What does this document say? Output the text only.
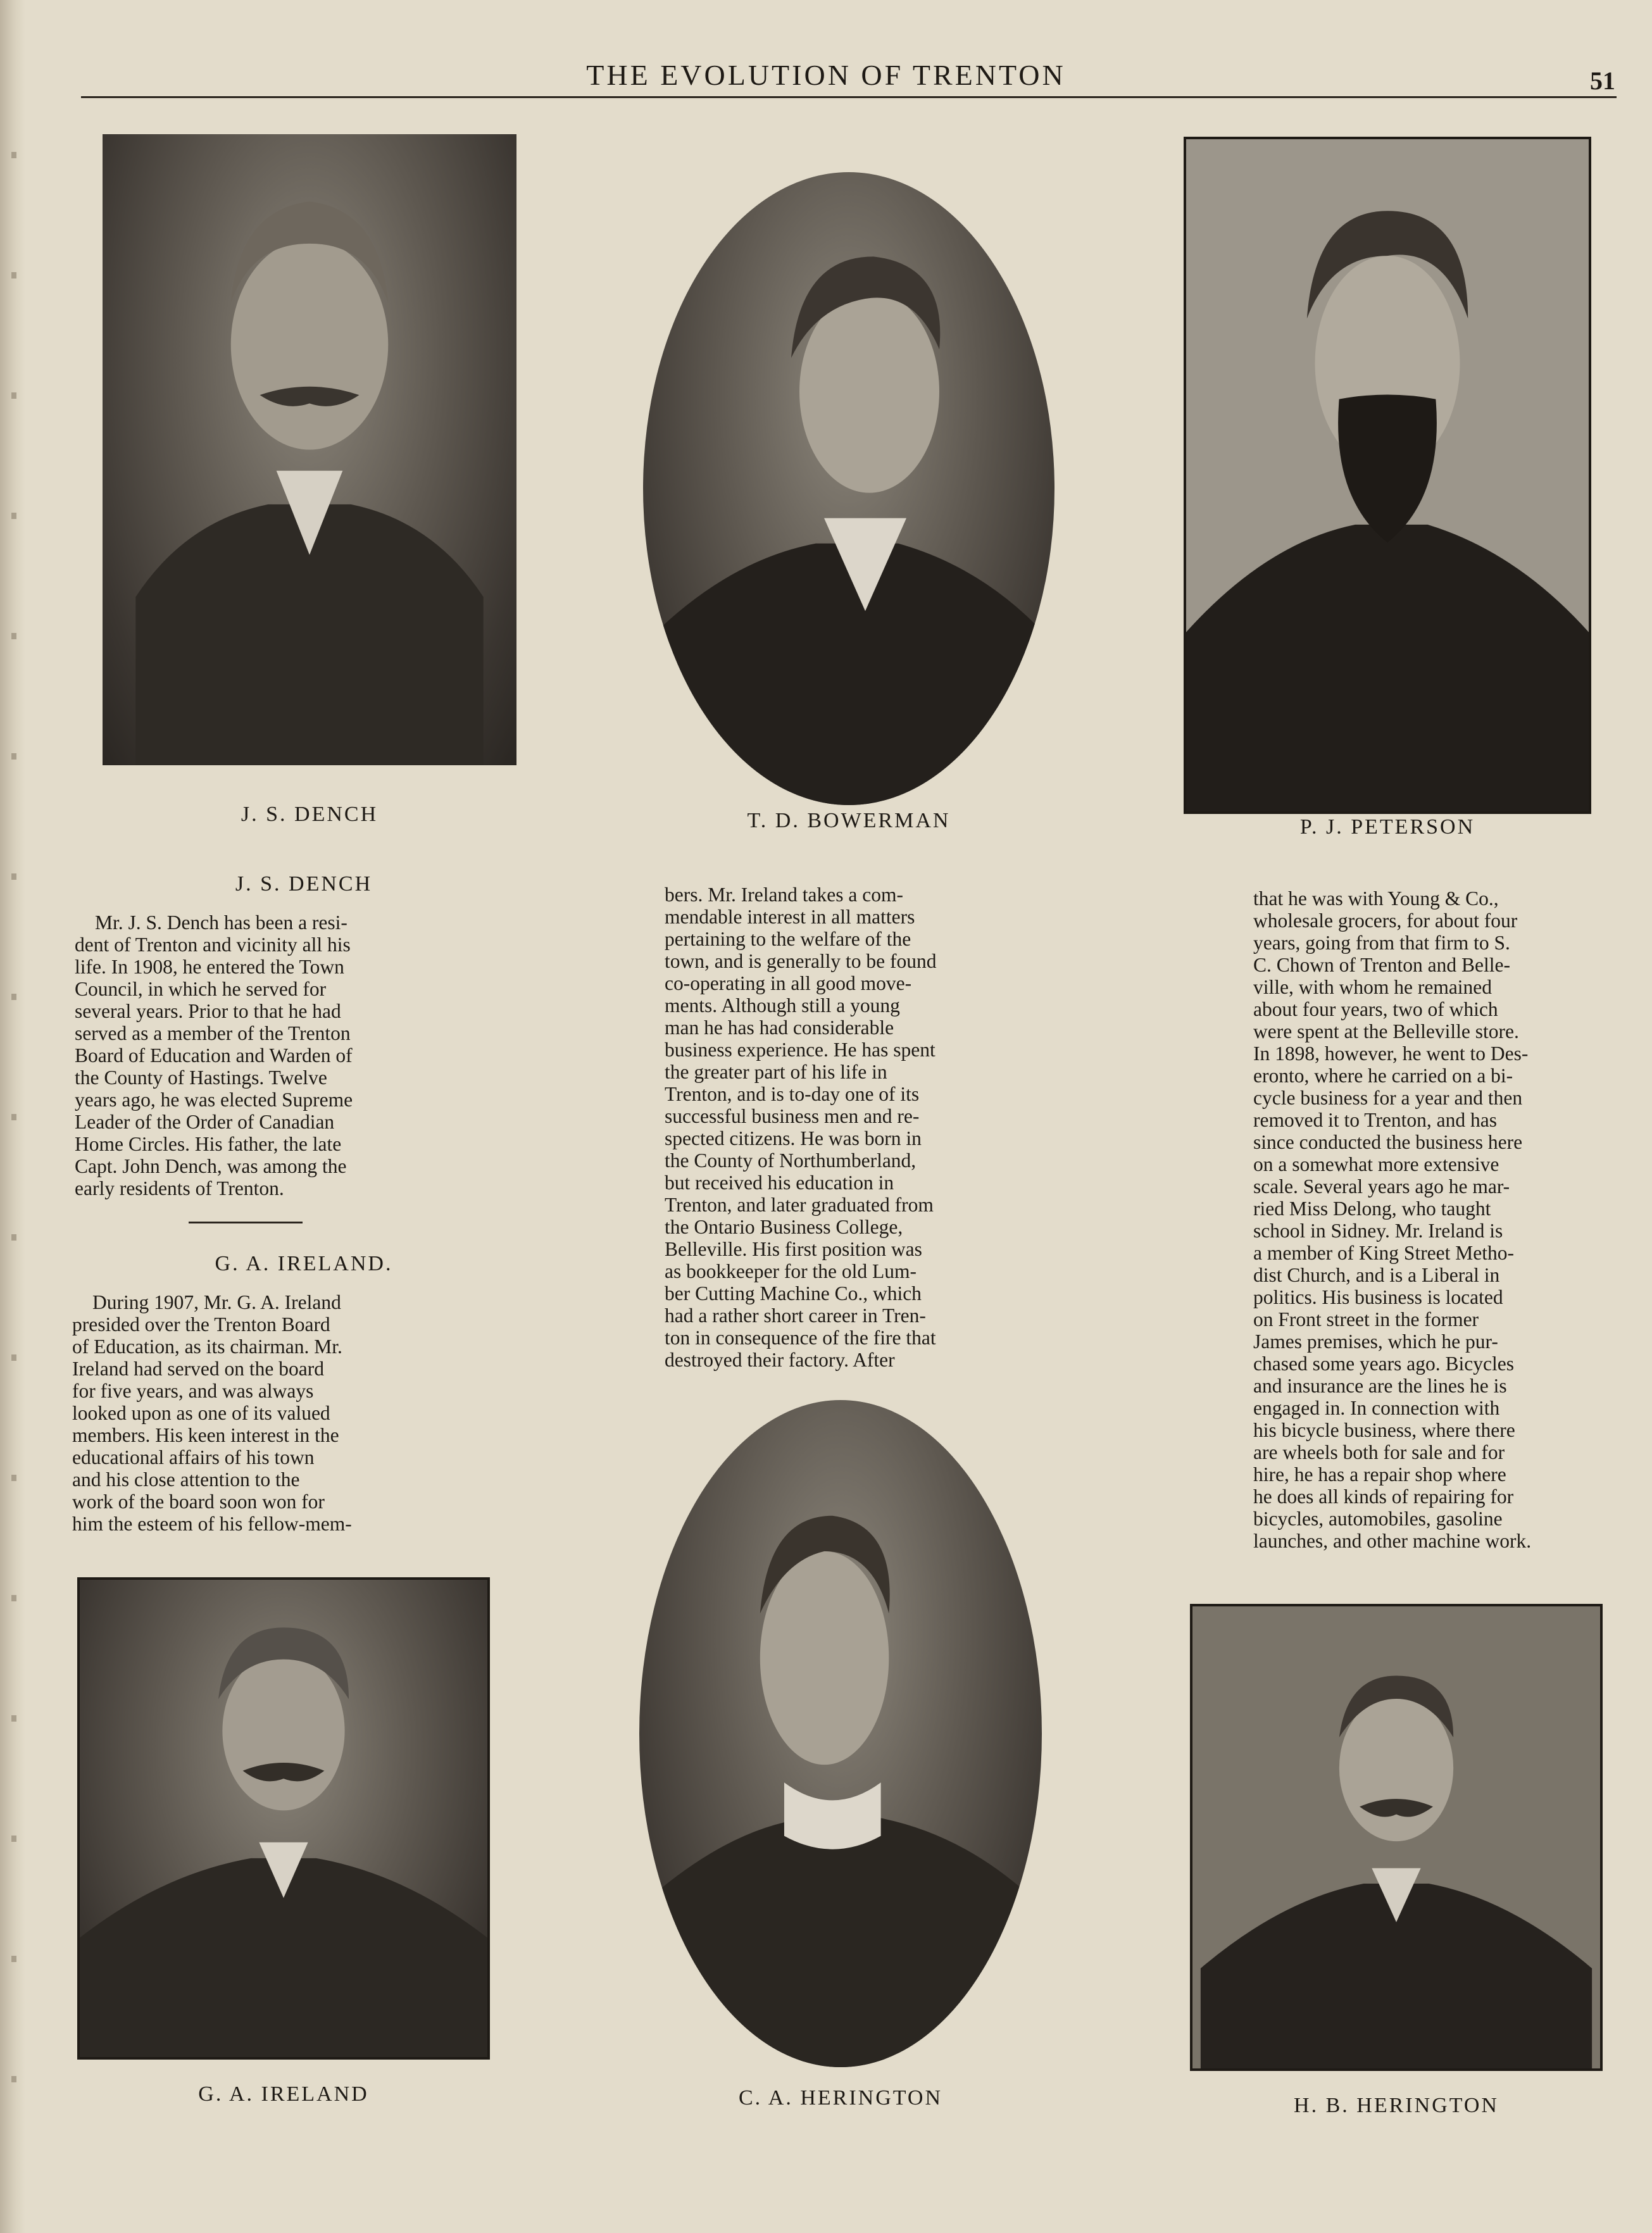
THE EVOLUTION OF TRENTON	51
J. S. DENCH	T. D. BOWERMAN	P. J. PETERSON
J. S. DENCH
Mr. J. S. Dench has been a resi-
dent of Trenton and vicinity all his
life. In 1908, he entered the Town
Council, in which he served for
several years. Prior to that he had
served as a member of the Trenton
Board of Education and Warden of
the County of Hastings. Twelve
years ago, he was elected Supreme
Leader of the Order of Canadian
Home Circles. His father, the late
Capt. John Dench, was among the
early residents of Trenton.
G. A. IRELAND.
During 1907, Mr. G. A. Ireland
presided over the Trenton Board
of Education, as its chairman. Mr.
Ireland had served on the board
for five years, and was always
looked upon as one of its valued
members. His keen interest in the
educational affairs of his town
and his close attention to the
work of the board soon won for
him the esteem of his fellow-mem-
bers. Mr. Ireland takes a com-
mendable interest in all matters
pertaining to the welfare of the
town, and is generally to be found
co-operating in all good move-
ments. Although still a young
man he has had considerable
business experience. He has spent
the greater part of his life in
Trenton, and is to-day one of its
successful business men and re-
spected citizens. He was born in
the County of Northumberland,
but received his education in
Trenton, and later graduated from
the Ontario Business College,
Belleville. His first position was
as bookkeeper for the old Lum-
ber Cutting Machine Co., which
had a rather short career in Tren-
ton in consequence of the fire that
destroyed their factory. After
that he was with Young & Co.,
wholesale grocers, for about four
years, going from that firm to S.
C. Chown of Trenton and Belle-
ville, with whom he remained
about four years, two of which
were spent at the Belleville store.
In 1898, however, he went to Des-
eronto, where he carried on a bi-
cycle business for a year and then
removed it to Trenton, and has
since conducted the business here
on a somewhat more extensive
scale. Several years ago he mar-
ried Miss Delong, who taught
school in Sidney. Mr. Ireland is
a member of King Street Metho-
dist Church, and is a Liberal in
politics. His business is located
on Front street in the former
James premises, which he pur-
chased some years ago. Bicycles
and insurance are the lines he is
engaged in. In connection with
his bicycle business, where there
are wheels both for sale and for
hire, he has a repair shop where
he does all kinds of repairing for
bicycles, automobiles, gasoline
launches, and other machine work.
G. A. IRELAND	C. A. HERINGTON	H. B. HERINGTON
